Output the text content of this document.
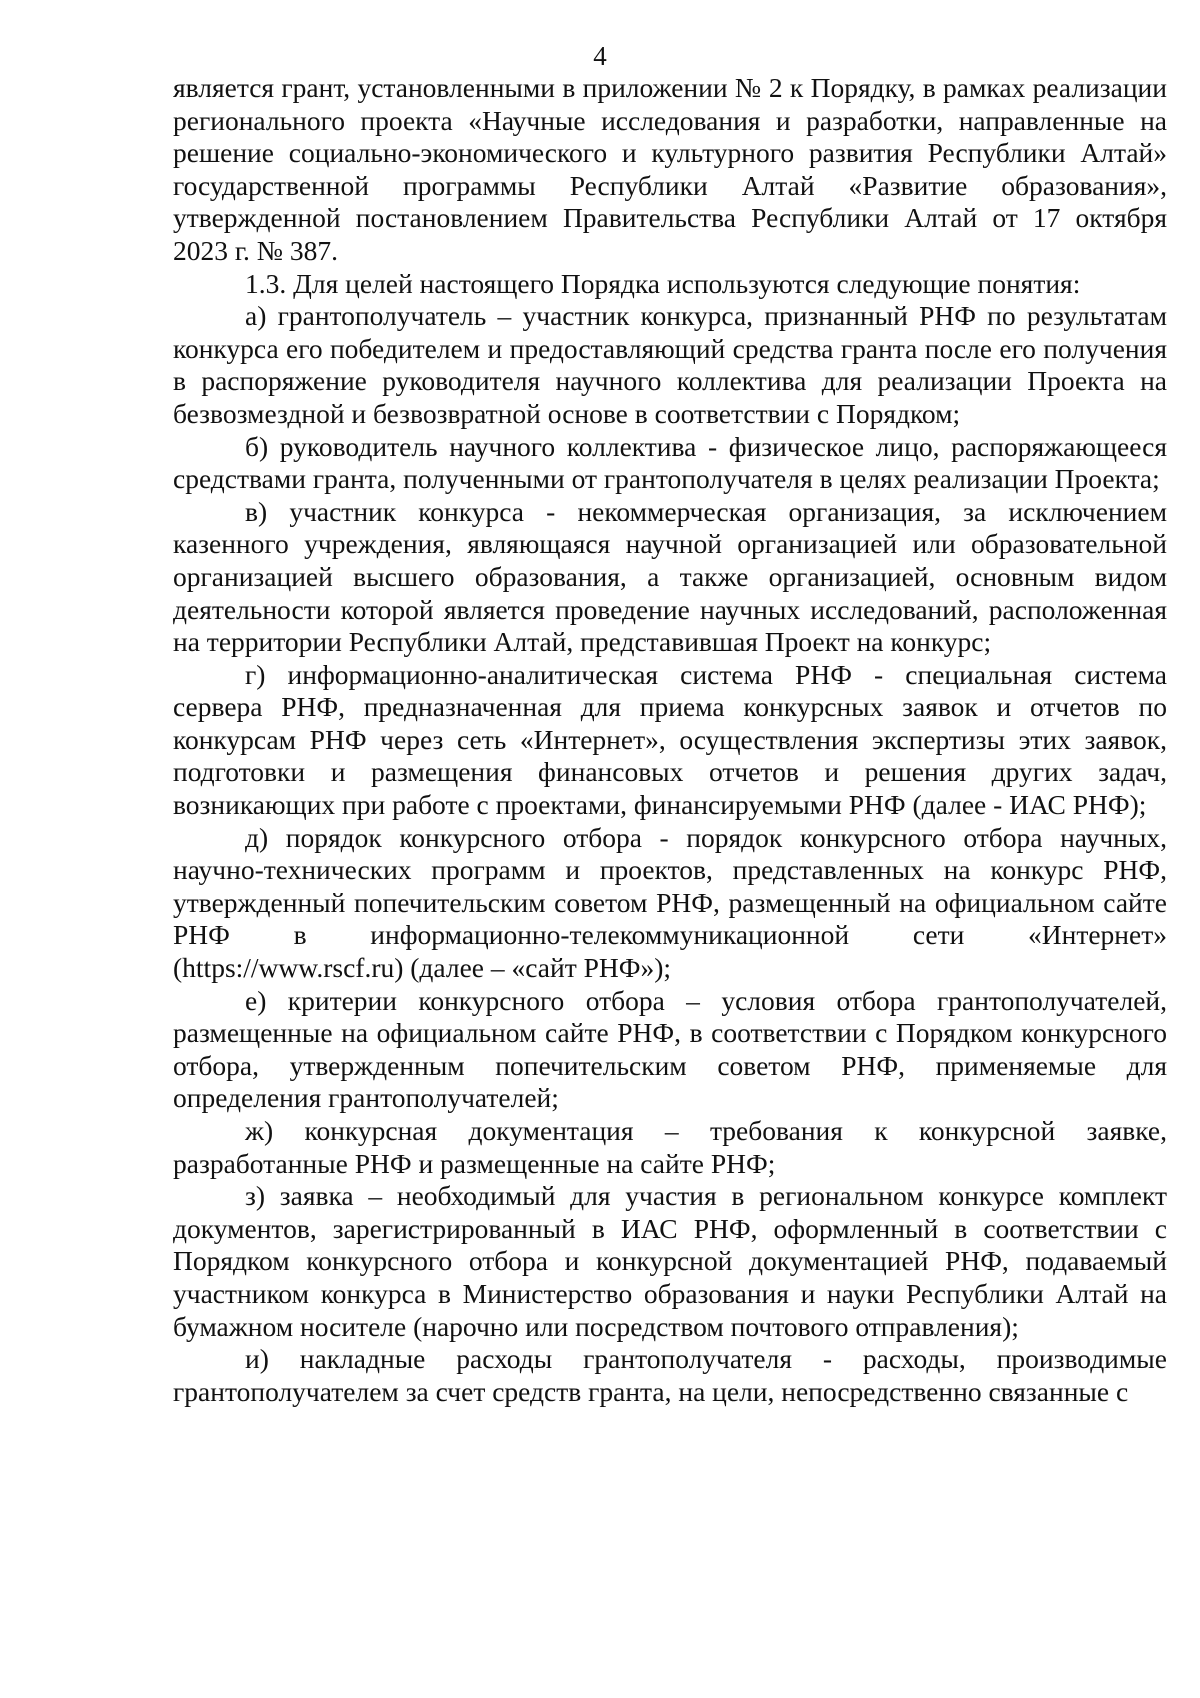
4

является грант, установленными в приложении № 2 к Порядку, в рамках реализации регионального проекта «Научные исследования и разработки, направленные на решение социально-экономического и культурного развития Республики Алтай» государственной программы Республики Алтай «Развитие образования», утвержденной постановлением Правительства Республики Алтай от 17 октября 2023 г. № 387.

1.3. Для целей настоящего Порядка используются следующие понятия:

а) грантополучатель – участник конкурса, признанный РНФ по результатам конкурса его победителем и предоставляющий средства гранта после его получения в распоряжение руководителя научного коллектива для реализации Проекта на безвозмездной и безвозвратной основе в соответствии с Порядком;

б) руководитель научного коллектива - физическое лицо, распоряжающееся средствами гранта, полученными от грантополучателя в целях реализации Проекта;

в) участник конкурса - некоммерческая организация, за исключением казенного учреждения, являющаяся научной организацией или образовательной организацией высшего образования, а также организацией, основным видом деятельности которой является проведение научных исследований, расположенная на территории Республики Алтай, представившая Проект на конкурс;

г) информационно-аналитическая система РНФ - специальная система сервера РНФ, предназначенная для приема конкурсных заявок и отчетов по конкурсам РНФ через сеть «Интернет», осуществления экспертизы этих заявок, подготовки и размещения финансовых отчетов и решения других задач, возникающих при работе с проектами, финансируемыми РНФ (далее - ИАС РНФ);

д) порядок конкурсного отбора - порядок конкурсного отбора научных, научно-технических программ и проектов, представленных на конкурс РНФ, утвержденный попечительским советом РНФ, размещенный на официальном сайте РНФ в информационно-телекоммуникационной сети «Интернет» (https://www.rscf.ru) (далее – «сайт РНФ»);

е) критерии конкурсного отбора – условия отбора грантополучателей, размещенные на официальном сайте РНФ, в соответствии с Порядком конкурсного отбора, утвержденным попечительским советом РНФ, применяемые для определения грантополучателей;

ж) конкурсная документация – требования к конкурсной заявке, разработанные РНФ и размещенные на сайте РНФ;

з) заявка – необходимый для участия в региональном конкурсе комплект документов, зарегистрированный в ИАС РНФ, оформленный в соответствии с Порядком конкурсного отбора и конкурсной документацией РНФ, подаваемый участником конкурса в Министерство образования и науки Республики Алтай на бумажном носителе (нарочно или посредством почтового отправления);

и) накладные расходы грантополучателя - расходы, производимые грантополучателем за счет средств гранта, на цели, непосредственно связанные с
